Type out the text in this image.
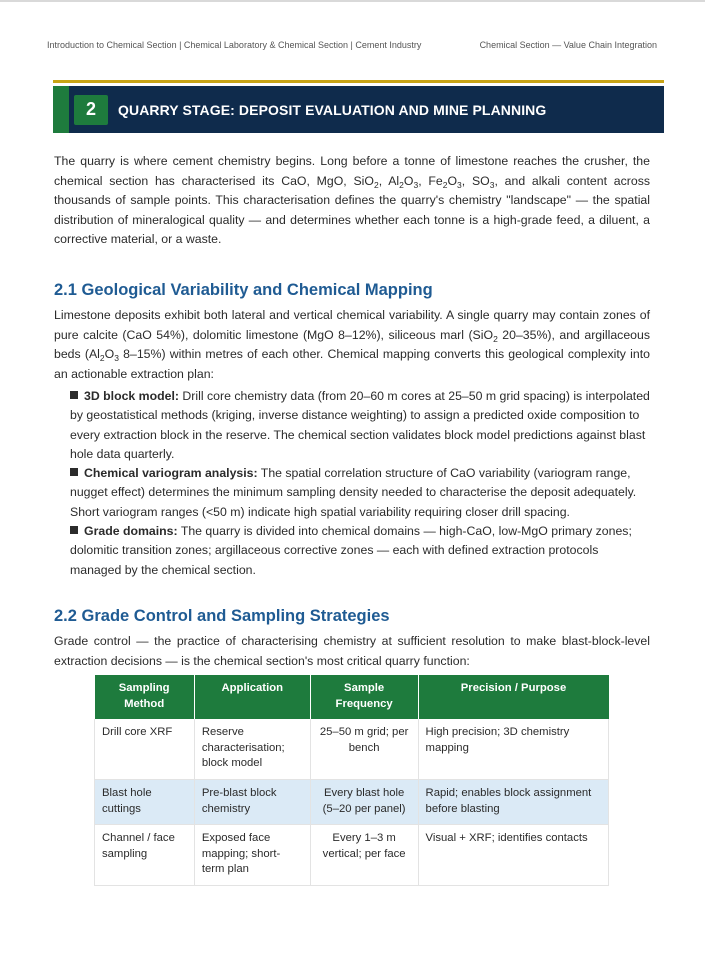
Introduction to Chemical Section | Chemical Laboratory & Chemical Section | Cement Industry	Chemical Section — Value Chain Integration
2	QUARRY STAGE: DEPOSIT EVALUATION AND MINE PLANNING

The quarry is where cement chemistry begins. Long before a tonne of limestone reaches the crusher, the chemical section has characterised its CaO, MgO, SiO$_2$, $Al_2O_3$, $Fe_2O_3$, $SO_3$, and alkali content across thousands of sample points. This characterisation defines the quarry's chemistry "landscape" — the spatial distribution of mineralogical quality — and determines whether each tonne is a high-grade feed, a diluent, a corrective material, or a waste.

2.1 Geological Variability and Chemical Mapping

Limestone deposits exhibit both lateral and vertical chemical variability. A single quarry may contain zones of pure calcite (CaO 54%), dolomitic limestone (MgO 8–12%), siliceous marl (SiO$_2$ 20–35%), and argillaceous beds ($Al_2O_3$ 8–15%) within metres of each other. Chemical mapping converts this geological complexity into an actionable extraction plan:

3D block model: Drill core chemistry data (from 20–60 m cores at 25–50 m grid spacing) is interpolated by geostatistical methods (kriging, inverse distance weighting) to assign a predicted oxide composition to every extraction block in the reserve. The chemical section validates block model predictions against blast hole data quarterly.
Chemical variogram analysis: The spatial correlation structure of CaO variability (variogram range, nugget effect) determines the minimum sampling density needed to characterise the deposit adequately. Short variogram ranges (<50 m) indicate high spatial variability requiring closer drill spacing.
Grade domains: The quarry is divided into chemical domains — high-CaO, low-MgO primary zones; dolomitic transition zones; argillaceous corrective zones — each with defined extraction protocols managed by the chemical section.
2.2 Grade Control and Sampling Strategies

Grade control — the practice of characterising chemistry at sufficient resolution to make blast-block-level extraction decisions — is the chemical section's most critical quarry function:

Sampling Method	Application	Sample Frequency	Precision / Purpose
Drill core XRF	Reserve characterisation; block model	25–50 m grid; per bench	High precision; 3D chemistry mapping
Blast hole cuttings	Pre-blast block chemistry	Every blast hole (5–20 per panel)	Rapid; enables block assignment before blasting
Channel / face sampling	Exposed face mapping; short-term plan	Every 1–3 m vertical; per face	Visual + XRF; identifies contacts
